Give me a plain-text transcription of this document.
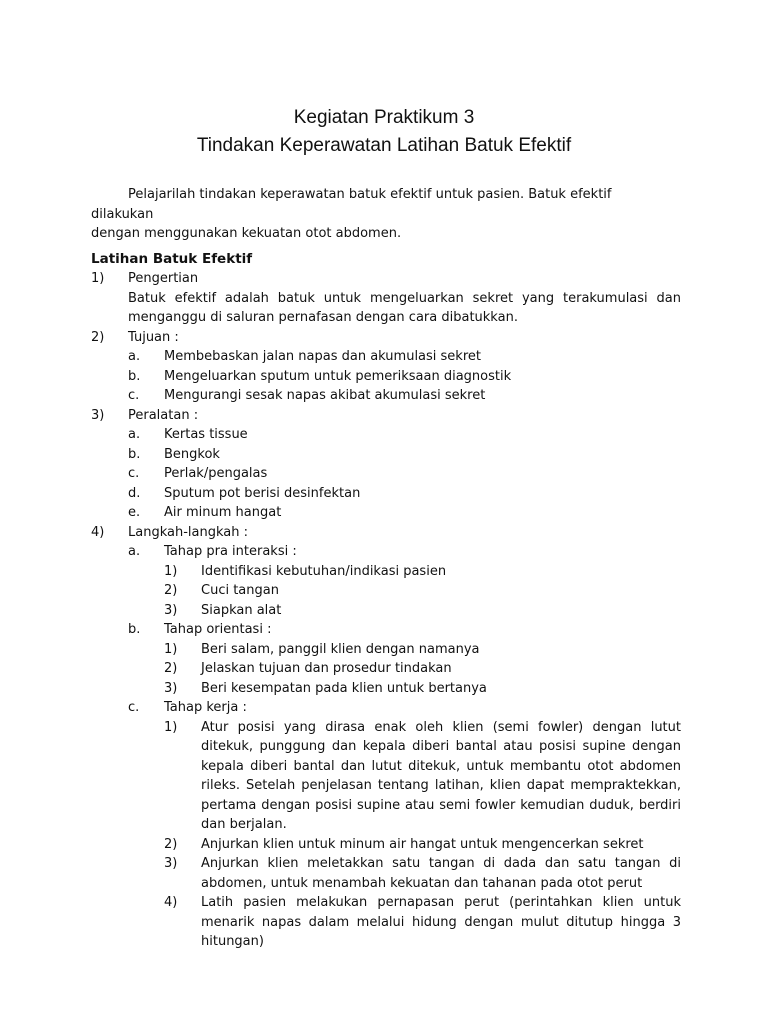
Kegiatan Praktikum 3
Tindakan Keperawatan Latihan Batuk Efektif
Pelajarilah tindakan keperawatan batuk efektif untuk pasien. Batuk efektif dilakukan
dengan menggunakan kekuatan otot abdomen.
Latihan Batuk Efektif
1) Pengertian
Batuk efektif adalah batuk untuk mengeluarkan sekret yang terakumulasi dan menganggu di saluran pernafasan dengan cara dibatukkan.
2) Tujuan :
a. Membebaskan jalan napas dan akumulasi sekret
b. Mengeluarkan sputum untuk pemeriksaan diagnostik
c. Mengurangi sesak napas akibat akumulasi sekret
3) Peralatan :
a. Kertas tissue
b. Bengkok
c. Perlak/pengalas
d. Sputum pot berisi desinfektan
e. Air minum hangat
4) Langkah-langkah :
a. Tahap pra interaksi :
1) Identifikasi kebutuhan/indikasi pasien
2) Cuci tangan
3) Siapkan alat
b. Tahap orientasi :
1) Beri salam, panggil klien dengan namanya
2) Jelaskan tujuan dan prosedur tindakan
3) Beri kesempatan pada klien untuk bertanya
c. Tahap kerja :
1) Atur posisi yang dirasa enak oleh klien (semi fowler) dengan lutut ditekuk, punggung dan kepala diberi bantal atau posisi supine dengan kepala diberi bantal dan lutut ditekuk, untuk membantu otot abdomen rileks. Setelah penjelasan tentang latihan, klien dapat mempraktekkan, pertama dengan posisi supine atau semi fowler kemudian duduk, berdiri dan berjalan.
2) Anjurkan klien untuk minum air hangat untuk mengencerkan sekret
3) Anjurkan klien meletakkan satu tangan di dada dan satu tangan di abdomen, untuk menambah kekuatan dan tahanan pada otot perut
4) Latih pasien melakukan pernapasan perut (perintahkan klien untuk menarik napas dalam melalui hidung dengan mulut ditutup hingga 3 hitungan)
